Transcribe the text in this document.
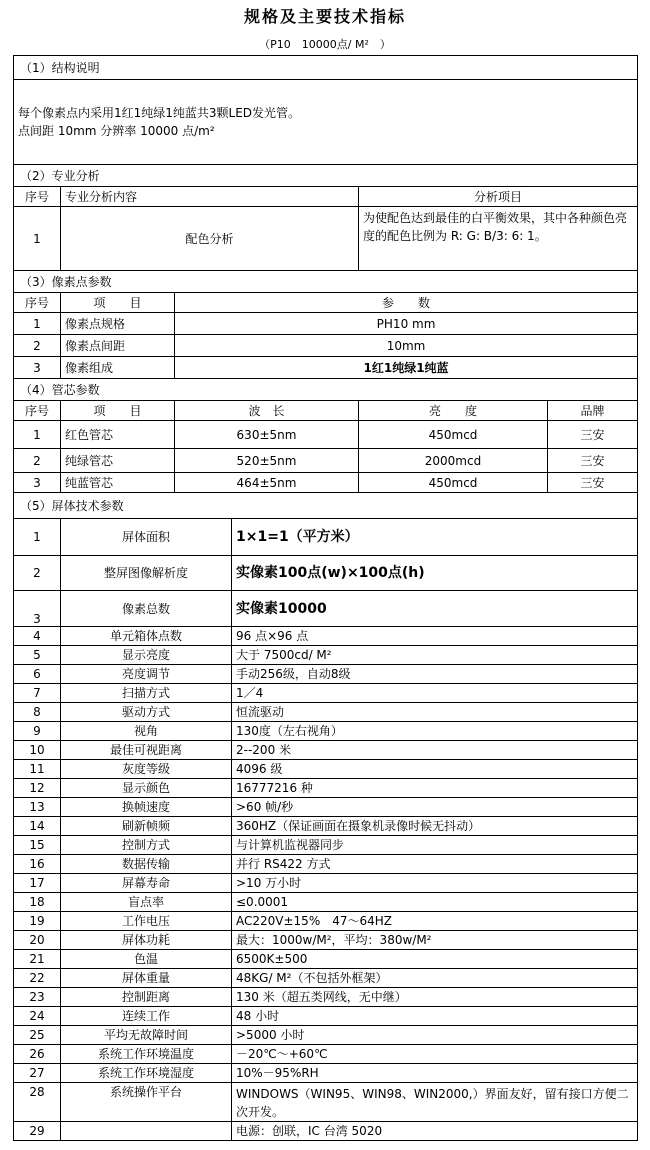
规格及主要技术指标
（P10　10000点/ M²　）
（1）结构说明					

每个像素点内采用1红1纯绿1纯蓝共3颗LED发光管。
点间距 10mm 分辨率 10000 点/m²					

（2）专业分析					
序号	专业分析内容			分析项目	
1	配色分析			为使配色达到最佳的白平衡效果，其中各种颜色亮度的配色比例为 R: G: B/3: 6: 1。	
（3）像素点参数					
序号	项　　目	参　　数			
1	像素点规格	PH10 mm			
2	像素点间距	10mm			
3	像素组成	1红1纯绿1纯蓝			
（4）管芯参数					
序号	项　　目	波　长		亮　　度	品牌
1	红色管芯	630±5nm		450mcd	三安
2	纯绿管芯	520±5nm		2000mcd	三安
3	纯蓝管芯	464±5nm		450mcd	三安
（5）屏体技术参数					
1	屏体面积		1×1=1（平方米）		
2	整屏图像解析度		实像素100点(w)×100点(h)		
3	像素总数		实像素10000		
4	单元箱体点数		96 点×96 点		
5	显示亮度		大于 7500cd/ M²		
6	亮度调节		手动256级，自动8级		
7	扫描方式		1／4		
8	驱动方式		恒流驱动		
9	视角		130度（左右视角）		
10	最佳可视距离		2--200 米		
11	灰度等级		4096 级		
12	显示颜色		16777216 种		
13	换帧速度		>60 帧/秒		
14	刷新帧频		360HZ（保证画面在摄象机录像时候无抖动）		
15	控制方式		与计算机监视器同步		
16	数据传输		并行 RS422 方式		
17	屏幕寿命		>10 万小时		
18	盲点率		≤0.0001		
19	工作电压		AC220V±15%　47～64HZ		
20	屏体功耗		最大：1000w/M²，平均：380w/M²		
21	色温		6500K±500		
22	屏体重量		48KG/ M²（不包括外框架）		
23	控制距离		130 米（超五类网线，无中继）		
24	连续工作		48 小时		
25	平均无故障时间		>5000 小时		
26	系统工作环境温度		－20℃～+60℃		
27	系统工作环境湿度		10%－95%RH		
28	系统操作平台		WINDOWS（WIN95、WIN98、WIN2000,）界面友好，留有接口方便二次开发。		
29			电源：创联，IC 台湾 5020		
